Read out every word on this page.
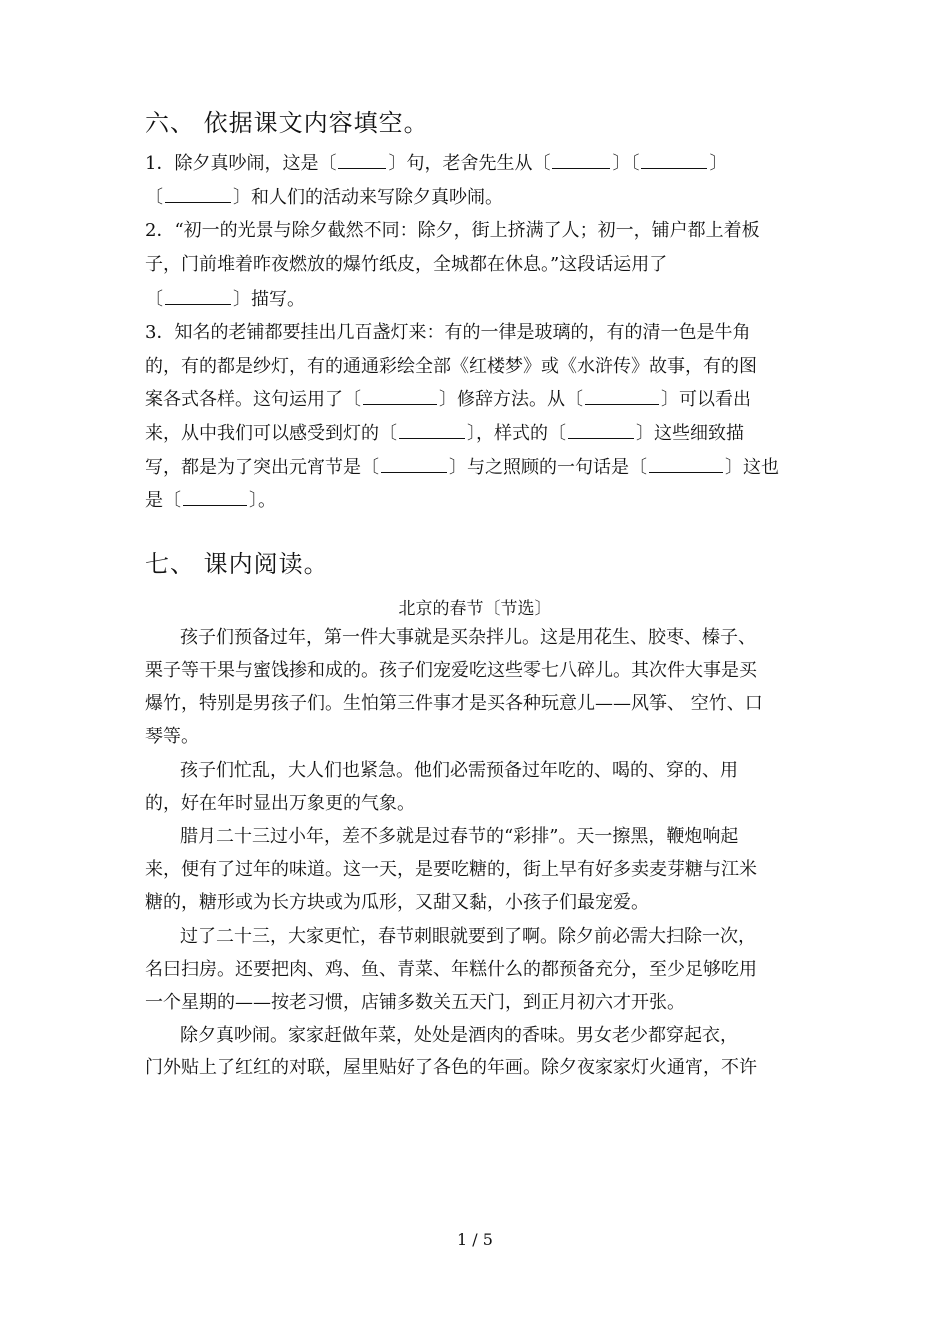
六、 依据课文内容填空。
1．除夕真吵闹，这是〔	〕句，老舍先生从〔	〕〔	〕
〔	〕和人们的活动来写除夕真吵闹。
2．“初一的光景与除夕截然不同：除夕，街上挤满了人；初一，铺户都上着板
子，门前堆着昨夜燃放的爆竹纸皮，全城都在休息。”这段话运用了
〔	〕描写。
3．知名的老铺都要挂出几百盏灯来：有的一律是玻璃的，有的清一色是牛角
的，有的都是纱灯，有的通通彩绘全部《红楼梦》或《水浒传》故事，有的图
案各式各样。这句运用了〔	〕修辞方法。从〔	〕可以看出
来，从中我们可以感受到灯的〔	〕，样式的〔	〕这些细致描
写，都是为了突出元宵节是〔	〕与之照顾的一句话是〔	〕这也
是〔	〕。
七、 课内阅读。
北京的春节〔节选〕
孩子们预备过年，第一件大事就是买杂拌儿。这是用花生、胶枣、榛子、
栗子等干果与蜜饯掺和成的。孩子们宠爱吃这些零七八碎儿。其次件大事是买
爆竹，特别是男孩子们。生怕第三件事才是买各种玩意儿——风筝、 空竹、口
琴等。
孩子们忙乱，大人们也紧急。他们必需预备过年吃的、喝的、穿的、用
的，好在年时显出万象更的气象。
腊月二十三过小年，差不多就是过春节的“彩排”。天一擦黑，鞭炮响起
来，便有了过年的味道。这一天，是要吃糖的，街上早有好多卖麦芽糖与江米
糖的，糖形或为长方块或为瓜形，又甜又黏，小孩子们最宠爱。
过了二十三，大家更忙，春节刺眼就要到了啊。除夕前必需大扫除一次，
名曰扫房。还要把肉、鸡、鱼、青菜、年糕什么的都预备充分，至少足够吃用
一个星期的——按老习惯，店铺多数关五天门，到正月初六才开张。
除夕真吵闹。家家赶做年菜，处处是酒肉的香味。男女老少都穿起衣，
门外贴上了红红的对联，屋里贴好了各色的年画。除夕夜家家灯火通宵，不许
1 / 5
